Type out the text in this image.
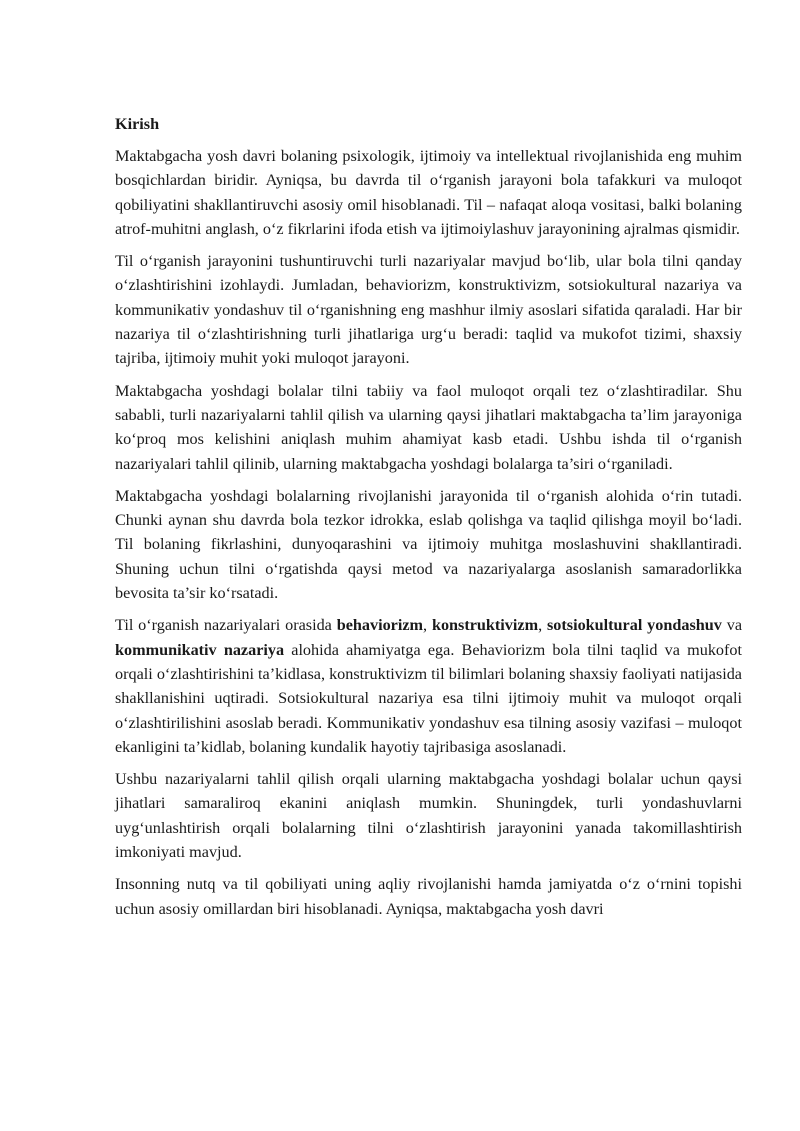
Kirish

Maktabgacha yosh davri bolaning psixologik, ijtimoiy va intellektual rivojlanishida eng muhim bosqichlardan biridir. Ayniqsa, bu davrda til o‘rganish jarayoni bola tafakkuri va muloqot qobiliyatini shakllantiruvchi asosiy omil hisoblanadi. Til – nafaqat aloqa vositasi, balki bolaning atrof-muhitni anglash, o‘z fikrlarini ifoda etish va ijtimoiylashuv jarayonining ajralmas qismidir.

Til o‘rganish jarayonini tushuntiruvchi turli nazariyalar mavjud bo‘lib, ular bola tilni qanday o‘zlashtirishini izohlaydi. Jumladan, behaviorizm, konstruktivizm, sotsiokultural nazariya va kommunikativ yondashuv til o‘rganishning eng mashhur ilmiy asoslari sifatida qaraladi. Har bir nazariya til o‘zlashtirishning turli jihatlariga urg‘u beradi: taqlid va mukofot tizimi, shaxsiy tajriba, ijtimoiy muhit yoki muloqot jarayoni.

Maktabgacha yoshdagi bolalar tilni tabiiy va faol muloqot orqali tez o‘zlashtiradilar. Shu sababli, turli nazariyalarni tahlil qilish va ularning qaysi jihatlari maktabgacha ta’lim jarayoniga ko‘proq mos kelishini aniqlash muhim ahamiyat kasb etadi. Ushbu ishda til o‘rganish nazariyalari tahlil qilinib, ularning maktabgacha yoshdagi bolalarga ta’siri o‘rganiladi.

Maktabgacha yoshdagi bolalarning rivojlanishi jarayonida til o‘rganish alohida o‘rin tutadi. Chunki aynan shu davrda bola tezkor idrokka, eslab qolishga va taqlid qilishga moyil bo‘ladi. Til bolaning fikrlashini, dunyoqarashini va ijtimoiy muhitga moslashuvini shakllantiradi. Shuning uchun tilni o‘rgatishda qaysi metod va nazariyalarga asoslanish samaradorlikka bevosita ta’sir ko‘rsatadi.

Til o‘rganish nazariyalari orasida behaviorizm, konstruktivizm, sotsiokultural yondashuv va kommunikativ nazariya alohida ahamiyatga ega. Behaviorizm bola tilni taqlid va mukofot orqali o‘zlashtirishini ta’kidlasa, konstruktivizm til bilimlari bolaning shaxsiy faoliyati natijasida shakllanishini uqtiradi. Sotsiokultural nazariya esa tilni ijtimoiy muhit va muloqot orqali o‘zlashtirilishini asoslab beradi. Kommunikativ yondashuv esa tilning asosiy vazifasi – muloqot ekanligini ta’kidlab, bolaning kundalik hayotiy tajribasiga asoslanadi.

Ushbu nazariyalarni tahlil qilish orqali ularning maktabgacha yoshdagi bolalar uchun qaysi jihatlari samaraliroq ekanini aniqlash mumkin. Shuningdek, turli yondashuvlarni uyg‘unlashtirish orqali bolalarning tilni o‘zlashtirish jarayonini yanada takomillashtirish imkoniyati mavjud.

Insonning nutq va til qobiliyati uning aqliy rivojlanishi hamda jamiyatda o‘z o‘rnini topishi uchun asosiy omillardan biri hisoblanadi. Ayniqsa, maktabgacha yosh davri
